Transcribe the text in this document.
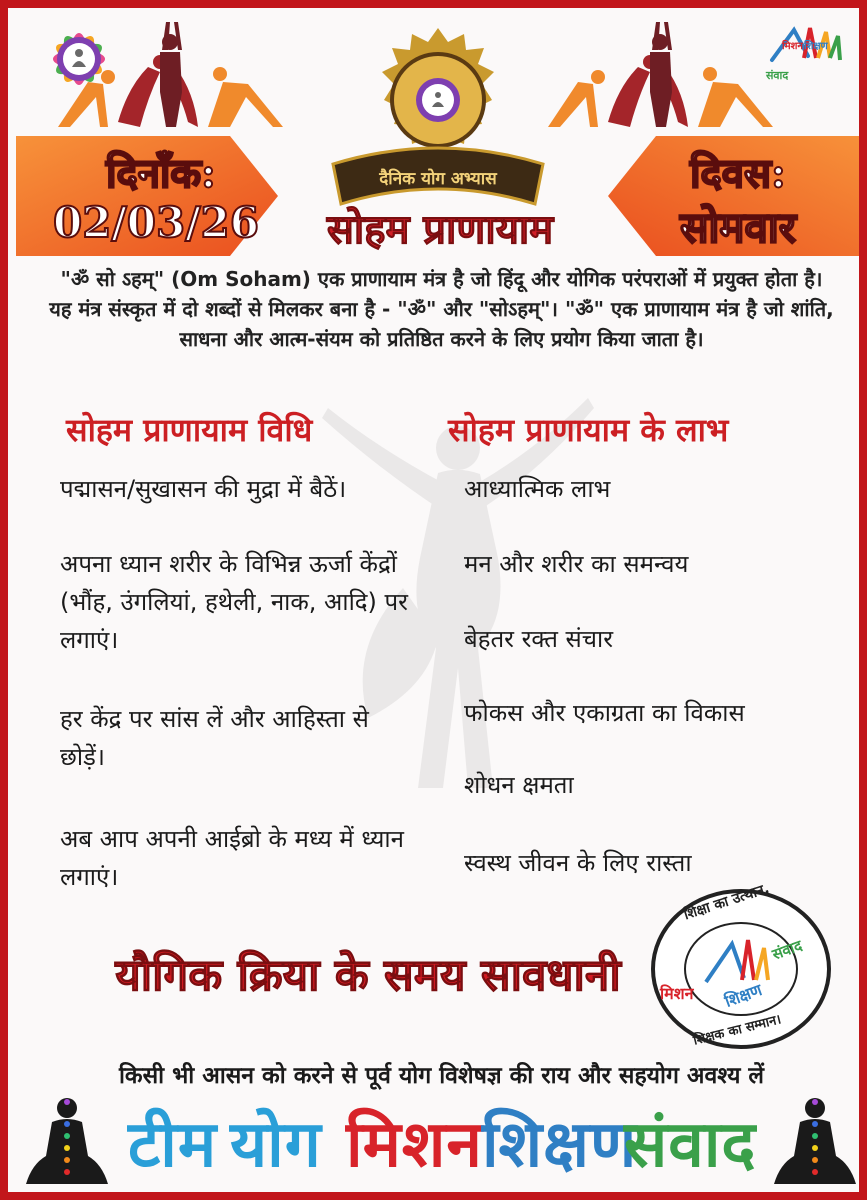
मिशन शिक्षण
संवाद
दिनाँक:
02/03/26
दिवस:
सोमवार
दैनिक योग अभ्यास
सोहम प्राणायाम
"ॐ सो ऽहम्" (Om Soham) एक प्राणायाम मंत्र है जो हिंदू और योगिक परंपराओं में प्रयुक्त होता है। यह मंत्र संस्कृत में दो शब्दों से मिलकर बना है - "ॐ" और "सोऽहम्"। "ॐ" एक प्राणायाम मंत्र है जो शांति, साधना और आत्म-संयम को प्रतिष्ठित करने के लिए प्रयोग किया जाता है।
सोहम प्राणायाम विधि
पद्मासन/सुखासन की मुद्रा में बैठें।
अपना ध्यान शरीर के विभिन्न ऊर्जा केंद्रों (भौंह, उंगलियां, हथेली, नाक, आदि) पर लगाएं।
हर केंद्र पर सांस लें और आहिस्ता से छोड़ें।
अब आप अपनी आईब्रो के मध्य में ध्यान लगाएं।
सोहम प्राणायाम के लाभ
आध्यात्मिक लाभ
मन और शरीर का समन्वय
बेहतर रक्त संचार
फोकस और एकाग्रता का विकास
शोधन क्षमता
स्वस्थ जीवन के लिए रास्ता
शिक्षा का उत्थान,
संवाद
मिशन शिक्षण
शिक्षक का सम्मान।
यौगिक क्रिया के समय सावधानी
किसी भी आसन को करने से पूर्व योग विशेषज्ञ की राय और सहयोग अवश्य लें
टीम योग मिशन शिक्षण
संवाद
